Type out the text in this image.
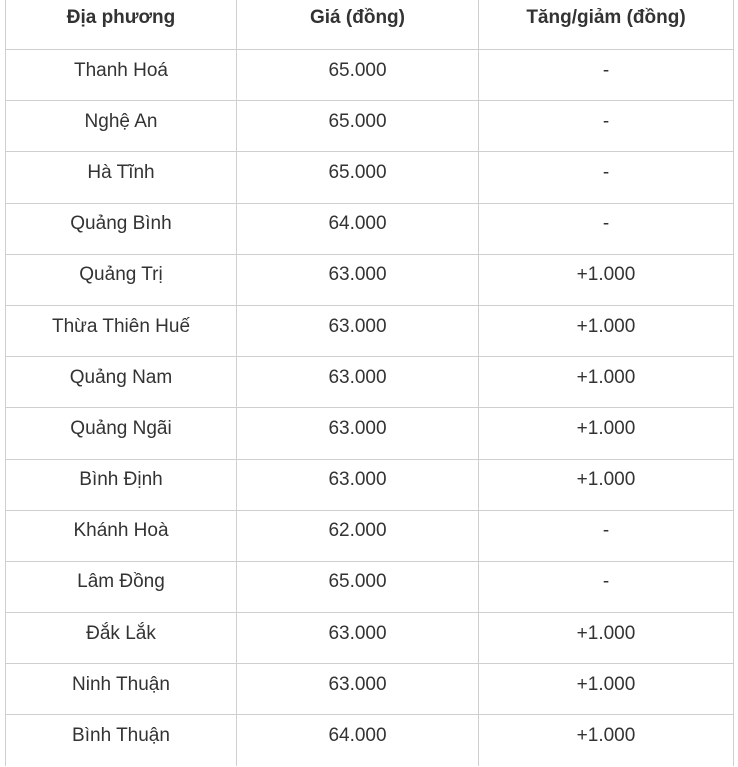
Địa phương	Giá (đồng)	Tăng/giảm (đồng)
Thanh Hoá	65.000	-
Nghệ An	65.000	-
Hà Tĩnh	65.000	-
Quảng Bình	64.000	-
Quảng Trị	63.000	+1.000
Thừa Thiên Huế	63.000	+1.000
Quảng Nam	63.000	+1.000
Quảng Ngãi	63.000	+1.000
Bình Định	63.000	+1.000
Khánh Hoà	62.000	-
Lâm Đồng	65.000	-
Đắk Lắk	63.000	+1.000
Ninh Thuận	63.000	+1.000
Bình Thuận	64.000	+1.000
